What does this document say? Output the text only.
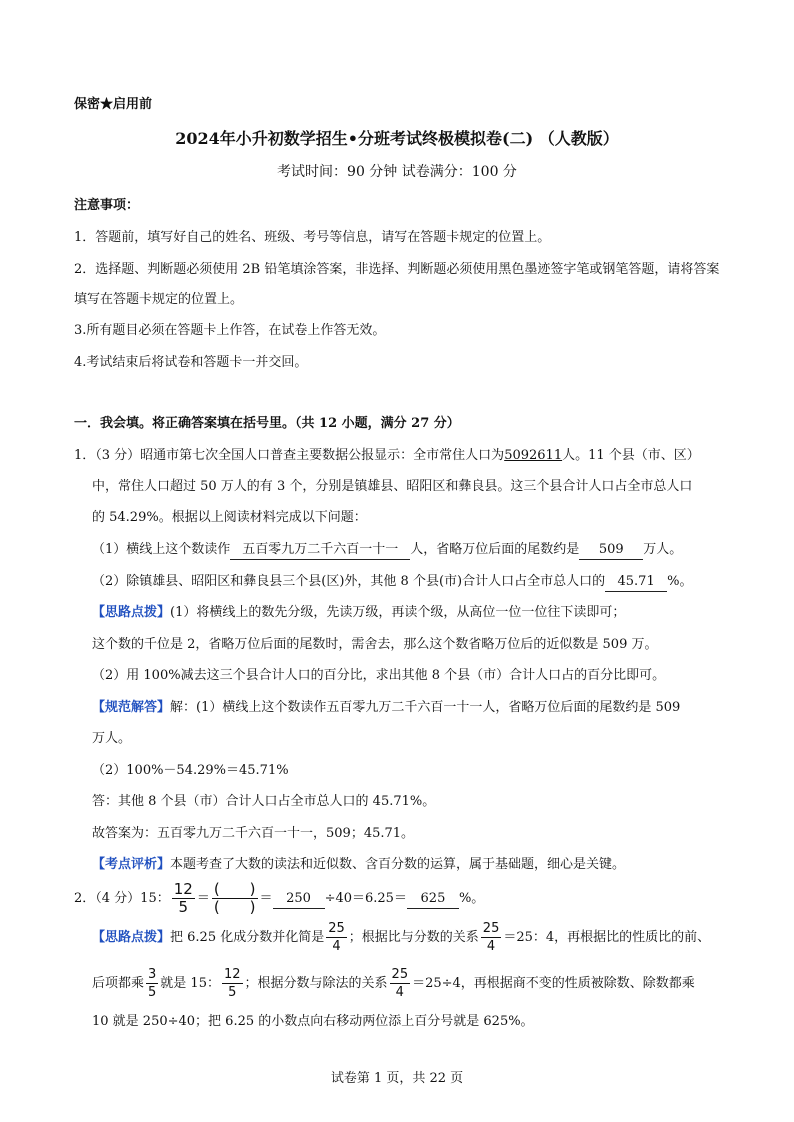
保密★启用前
2024年小升初数学招生•分班考试终极模拟卷(二) （人教版）
考试时间：90 分钟 试卷满分：100 分
注意事项：
1．答题前，填写好自己的姓名、班级、考号等信息，请写在答题卡规定的位置上。
2．选择题、判断题必须使用 2B 铅笔填涂答案，非选择、判断题必须使用黑色墨迹签字笔或钢笔答题，请将答案
填写在答题卡规定的位置上。
3.所有题目必须在答题卡上作答，在试卷上作答无效。
4.考试结束后将试卷和答题卡一并交回。
一．我会填。将正确答案填在括号里。（共 12 小题，满分 27 分）
1．（3 分）昭通市第七次全国人口普查主要数据公报显示：全市常住人口为5092611人。11 个县（市、区）
中，常住人口超过 50 万人的有 3 个，分别是镇雄县、昭阳区和彝良县。这三个县合计人口占全市总人口
的 54.29%。根据以上阅读材料完成以下问题：
（1）横线上这个数读作 五百零九万二千六百一十一 人，省略万位后面的尾数约是 509 万人。
（2）除镇雄县、昭阳区和彝良县三个县(区)外，其他 8 个县(市)合计人口占全市总人口的 45.71 %。
【思路点拨】(1）将横线上的数先分级，先读万级，再读个级，从高位一位一位往下读即可；
这个数的千位是 2，省略万位后面的尾数时，需舍去，那么这个数省略万位后的近似数是 509 万。
（2）用 100%减去这三个县合计人口的百分比，求出其他 8 个县（市）合计人口占的百分比即可。
【规范解答】解：(1）横线上这个数读作五百零九万二千六百一十一人，省略万位后面的尾数约是 509
万人。
（2）100%－54.29%＝45.71%
答：其他 8 个县（市）合计人口占全市总人口的 45.71%。
故答案为：五百零九万二千六百一十一，509；45.71。
【考点评析】本题考查了大数的读法和近似数、含百分数的运算，属于基础题，细心是关键。
2．（4 分）15： $\frac{12}{5} = \frac{( )}{( )} = 250 \div 40=6.25= 625$ %。
【思路点拨】把 6.25 化成分数并化简是 $\frac{25}{4}$ ；根据比与分数的关系 $\frac{25}{4} =25$：4，再根据比的性质比的前、
后项都乘 $\frac{3}{5}$ 就是 15： $\frac{12}{5}$ ；根据分数与除法的关系 $\frac{25}{4} =25\div 4$，再根据商不变的性质被除数、除数都乘
10 就是 250÷40；把 6.25 的小数点向右移动两位添上百分号就是 625%。
试卷第 1 页，共 22 页
